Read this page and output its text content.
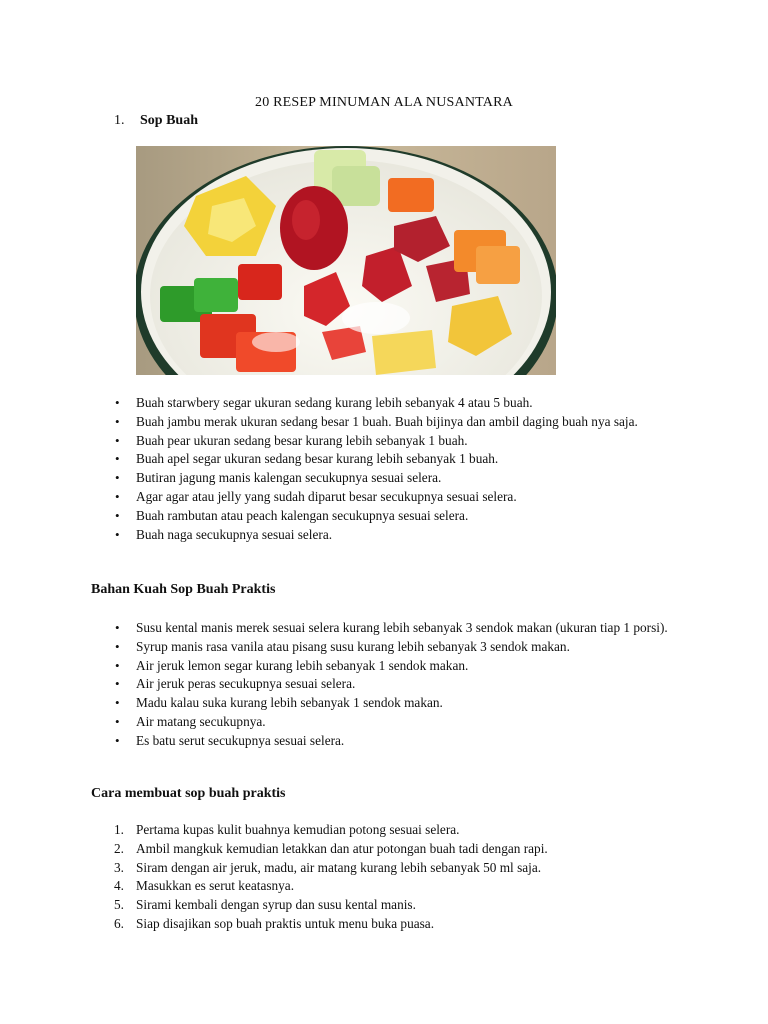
20 RESEP MINUMAN ALA NUSANTARA
1. Sop Buah
• Buah starwbery segar ukuran sedang kurang lebih sebanyak 4 atau 5 buah.
• Buah jambu merak ukuran sedang besar 1 buah. Buah bijinya dan ambil daging buah nya saja.
• Buah pear ukuran sedang besar kurang lebih sebanyak 1 buah.
• Buah apel segar ukuran sedang besar kurang lebih sebanyak 1 buah.
• Butiran jagung manis kalengan secukupnya sesuai selera.
• Agar agar atau jelly yang sudah diparut besar secukupnya sesuai selera.
• Buah rambutan atau peach kalengan secukupnya sesuai selera.
• Buah naga secukupnya sesuai selera.
Bahan Kuah Sop Buah Praktis
• Susu kental manis merek sesuai selera kurang lebih sebanyak 3 sendok makan (ukuran tiap 1 porsi).
• Syrup manis rasa vanila atau pisang susu kurang lebih sebanyak 3 sendok makan.
• Air jeruk lemon segar kurang lebih sebanyak 1 sendok makan.
• Air jeruk peras secukupnya sesuai selera.
• Madu kalau suka kurang lebih sebanyak 1 sendok makan.
• Air matang secukupnya.
• Es batu serut secukupnya sesuai selera.
Cara membuat sop buah praktis
1. Pertama kupas kulit buahnya kemudian potong sesuai selera.
2. Ambil mangkuk kemudian letakkan dan atur potongan buah tadi dengan rapi.
3. Siram dengan air jeruk, madu, air matang kurang lebih sebanyak 50 ml saja.
4. Masukkan es serut keatasnya.
5. Sirami kembali dengan syrup dan susu kental manis.
6. Siap disajikan sop buah praktis untuk menu buka puasa.
